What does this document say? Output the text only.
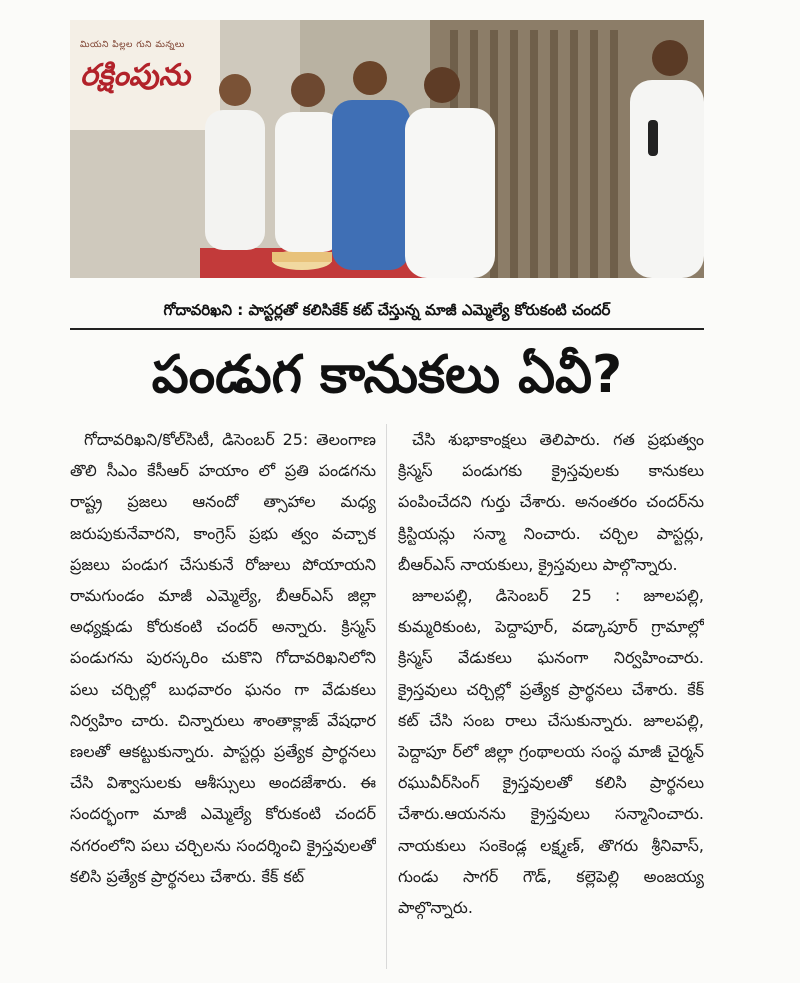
మియని పిల్లల గుని మన్నలు
రక్షింపును
గోదావరిఖని : పాస్టర్లతో కలిసికేక్ కట్ చేస్తున్న మాజీ ఎమ్మెల్యే కోరుకంటి చందర్
పండుగ కానుకలు ఏవీ?

గోదావరిఖని/కోల్‌సిటీ, డిసెంబర్ 25: తెలంగాణ తొలి సీఎం కేసీఆర్ హయాం లో ప్రతి పండగను రాష్ట్ర ప్రజలు ఆనందో త్సాహాల మధ్య జరుపుకునేవారని, కాంగ్రెస్ ప్రభు త్వం వచ్చాక ప్రజలు పండుగ చేసుకునే రోజులు పోయాయని రామగుండం మాజీ ఎమ్మెల్యే, బీఆర్ఎస్ జిల్లా అధ్యక్షుడు కోరుకంటి చందర్ అన్నారు. క్రిస్మస్ పండుగను పురస్కరిం చుకొని గోదావరిఖనిలోని పలు చర్చిల్లో బుధవారం ఘనం గా వేడుకలు నిర్వహిం చారు. చిన్నారులు శాంతాక్లాజ్ వేషధార ణలతో ఆకట్టుకున్నారు. పాస్టర్లు ప్రత్యేక ప్రార్థనలు చేసి విశ్వాసులకు ఆశీస్సులు అందజేశారు. ఈ సందర్భంగా మాజీ ఎమ్మెల్యే కోరుకంటి చందర్ నగరంలోని పలు చర్చిలను సందర్శించి క్రైస్తవులతో కలిసి ప్రత్యేక ప్రార్థనలు చేశారు. కేక్ కట్

చేసి శుభాకాంక్షలు తెలిపారు. గత ప్రభుత్వం క్రిస్మస్ పండుగకు క్రైస్తవులకు కానుకలు పంపించేదని గుర్తు చేశారు. అనంతరం చందర్‌ను క్రిస్టియన్లు సన్మా నించారు. చర్చిల పాస్టర్లు, బీఆర్ఎస్ నాయకులు, క్రైస్తవులు పాల్గొన్నారు.

జూలపల్లి, డిసెంబర్ 25 : జూలపల్లి, కుమ్మరికుంట, పెద్దాపూర్, వడ్కాపూర్ గ్రామాల్లో క్రిస్మస్ వేడుకలు ఘనంగా నిర్వహించారు. క్రైస్తవులు చర్చిల్లో ప్రత్యేక ప్రార్థనలు చేశారు. కేక్ కట్ చేసి సంబ రాలు చేసుకున్నారు. జూలపల్లి, పెద్దాపూ ర్‌లో జిల్లా గ్రంథాలయ సంస్థ మాజీ చైర్మన్ రఘువీర్‌సింగ్ క్రైస్తవులతో కలిసి ప్రార్థనలు చేశారు.ఆయనను క్రైస్తవులు సన్మానించారు. నాయకులు సంకెండ్ల లక్ష్మణ్, తొగరు శ్రీనివాస్, గుండు సాగర్ గౌడ్, కల్లెపెల్లి అంజయ్య పాల్గొన్నారు.
